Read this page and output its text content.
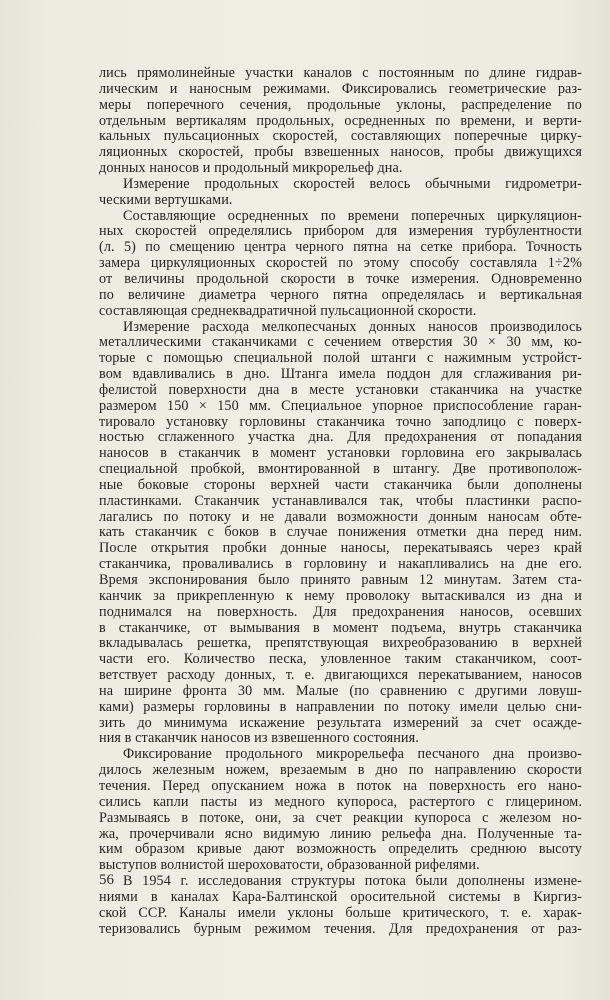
лись прямолинейные участки каналов с постоянным по длине гидрав-
лическим и наносным режимами. Фиксировались геометрические раз-
меры поперечного сечения, продольные уклоны, распределение по
отдельным вертикалям продольных, осредненных по времени, и верти-
кальных пульсационных скоростей, составляющих поперечные цирку-
ляционных скоростей, пробы взвешенных наносов, пробы движущихся
донных наносов и продольный микрорельеф дна.

Измерение продольных скоростей велось обычными гидрометри-
ческими вертушками.

Составляющие осредненных по времени поперечных циркуляцион-
ных скоростей определялись прибором для измерения турбулентности
(л. 5) по смещению центра черного пятна на сетке прибора. Точность
замера циркуляционных скоростей по этому способу составляла 1÷2%
от величины продольной скорости в точке измерения. Одновременно
по величине диаметра черного пятна определялась и вертикальная
составляющая среднеквадратичной пульсационной скорости.

Измерение расхода мелкопесчаных донных наносов производилось
металлическими стаканчиками с сечением отверстия 30 × 30 мм, ко-
торые с помощью специальной полой штанги с нажимным устройст-
вом вдавливались в дно. Штанга имела поддон для сглаживания ри-
фелистой поверхности дна в месте установки стаканчика на участке
размером 150 × 150 мм. Специальное упорное приспособление гаран-
тировало установку горловины стаканчика точно заподлицо с поверх-
ностью сглаженного участка дна. Для предохранения от попадания
наносов в стаканчик в момент установки горловина его закрывалась
специальной пробкой, вмонтированной в штангу. Две противополож-
ные боковые стороны верхней части стаканчика были дополнены
пластинками. Стаканчик устанавливался так, чтобы пластинки распо-
лагались по потоку и не давали возможности донным наносам обте-
кать стаканчик с боков в случае понижения отметки дна перед ним.
После открытия пробки донные наносы, перекатываясь через край
стаканчика, проваливались в горловину и накапливались на дне его.
Время экспонирования было принято равным 12 минутам. Затем ста-
канчик за прикрепленную к нему проволоку вытаскивался из дна и
поднимался на поверхность. Для предохранения наносов, осевших
в стаканчике, от вымывания в момент подъема, внутрь стаканчика
вкладывалась решетка, препятствующая вихреобразованию в верхней
части его. Количество песка, уловленное таким стаканчиком, соот-
ветствует расходу донных, т. е. двигающихся перекатыванием, наносов
на ширине фронта 30 мм. Малые (по сравнению с другими ловуш-
ками) размеры горловины в направлении по потоку имели целью сни-
зить до минимума искажение результата измерений за счет осажде-
ния в стаканчик наносов из взвешенного состояния.

Фиксирование продольного микрорельефа песчаного дна произво-
дилось железным ножем, врезаемым в дно по направлению скорости
течения. Перед опусканием ножа в поток на поверхность его нано-
сились капли пасты из медного купороса, растертого с глицерином.
Размываясь в потоке, они, за счет реакции купороса с железом но-
жа, прочерчивали ясно видимую линию рельефа дна. Полученные та-
ким образом кривые дают возможность определить среднюю высоту
выступов волнистой шероховатости, образованной рифелями.

В 1954 г. исследования структуры потока были дополнены измене-
ниями в каналах Кара-Балтинской оросительной системы в Киргиз-
ской ССР. Каналы имели уклоны больше критического, т. е. харак-
теризовались бурным режимом течения. Для предохранения от раз-

56
